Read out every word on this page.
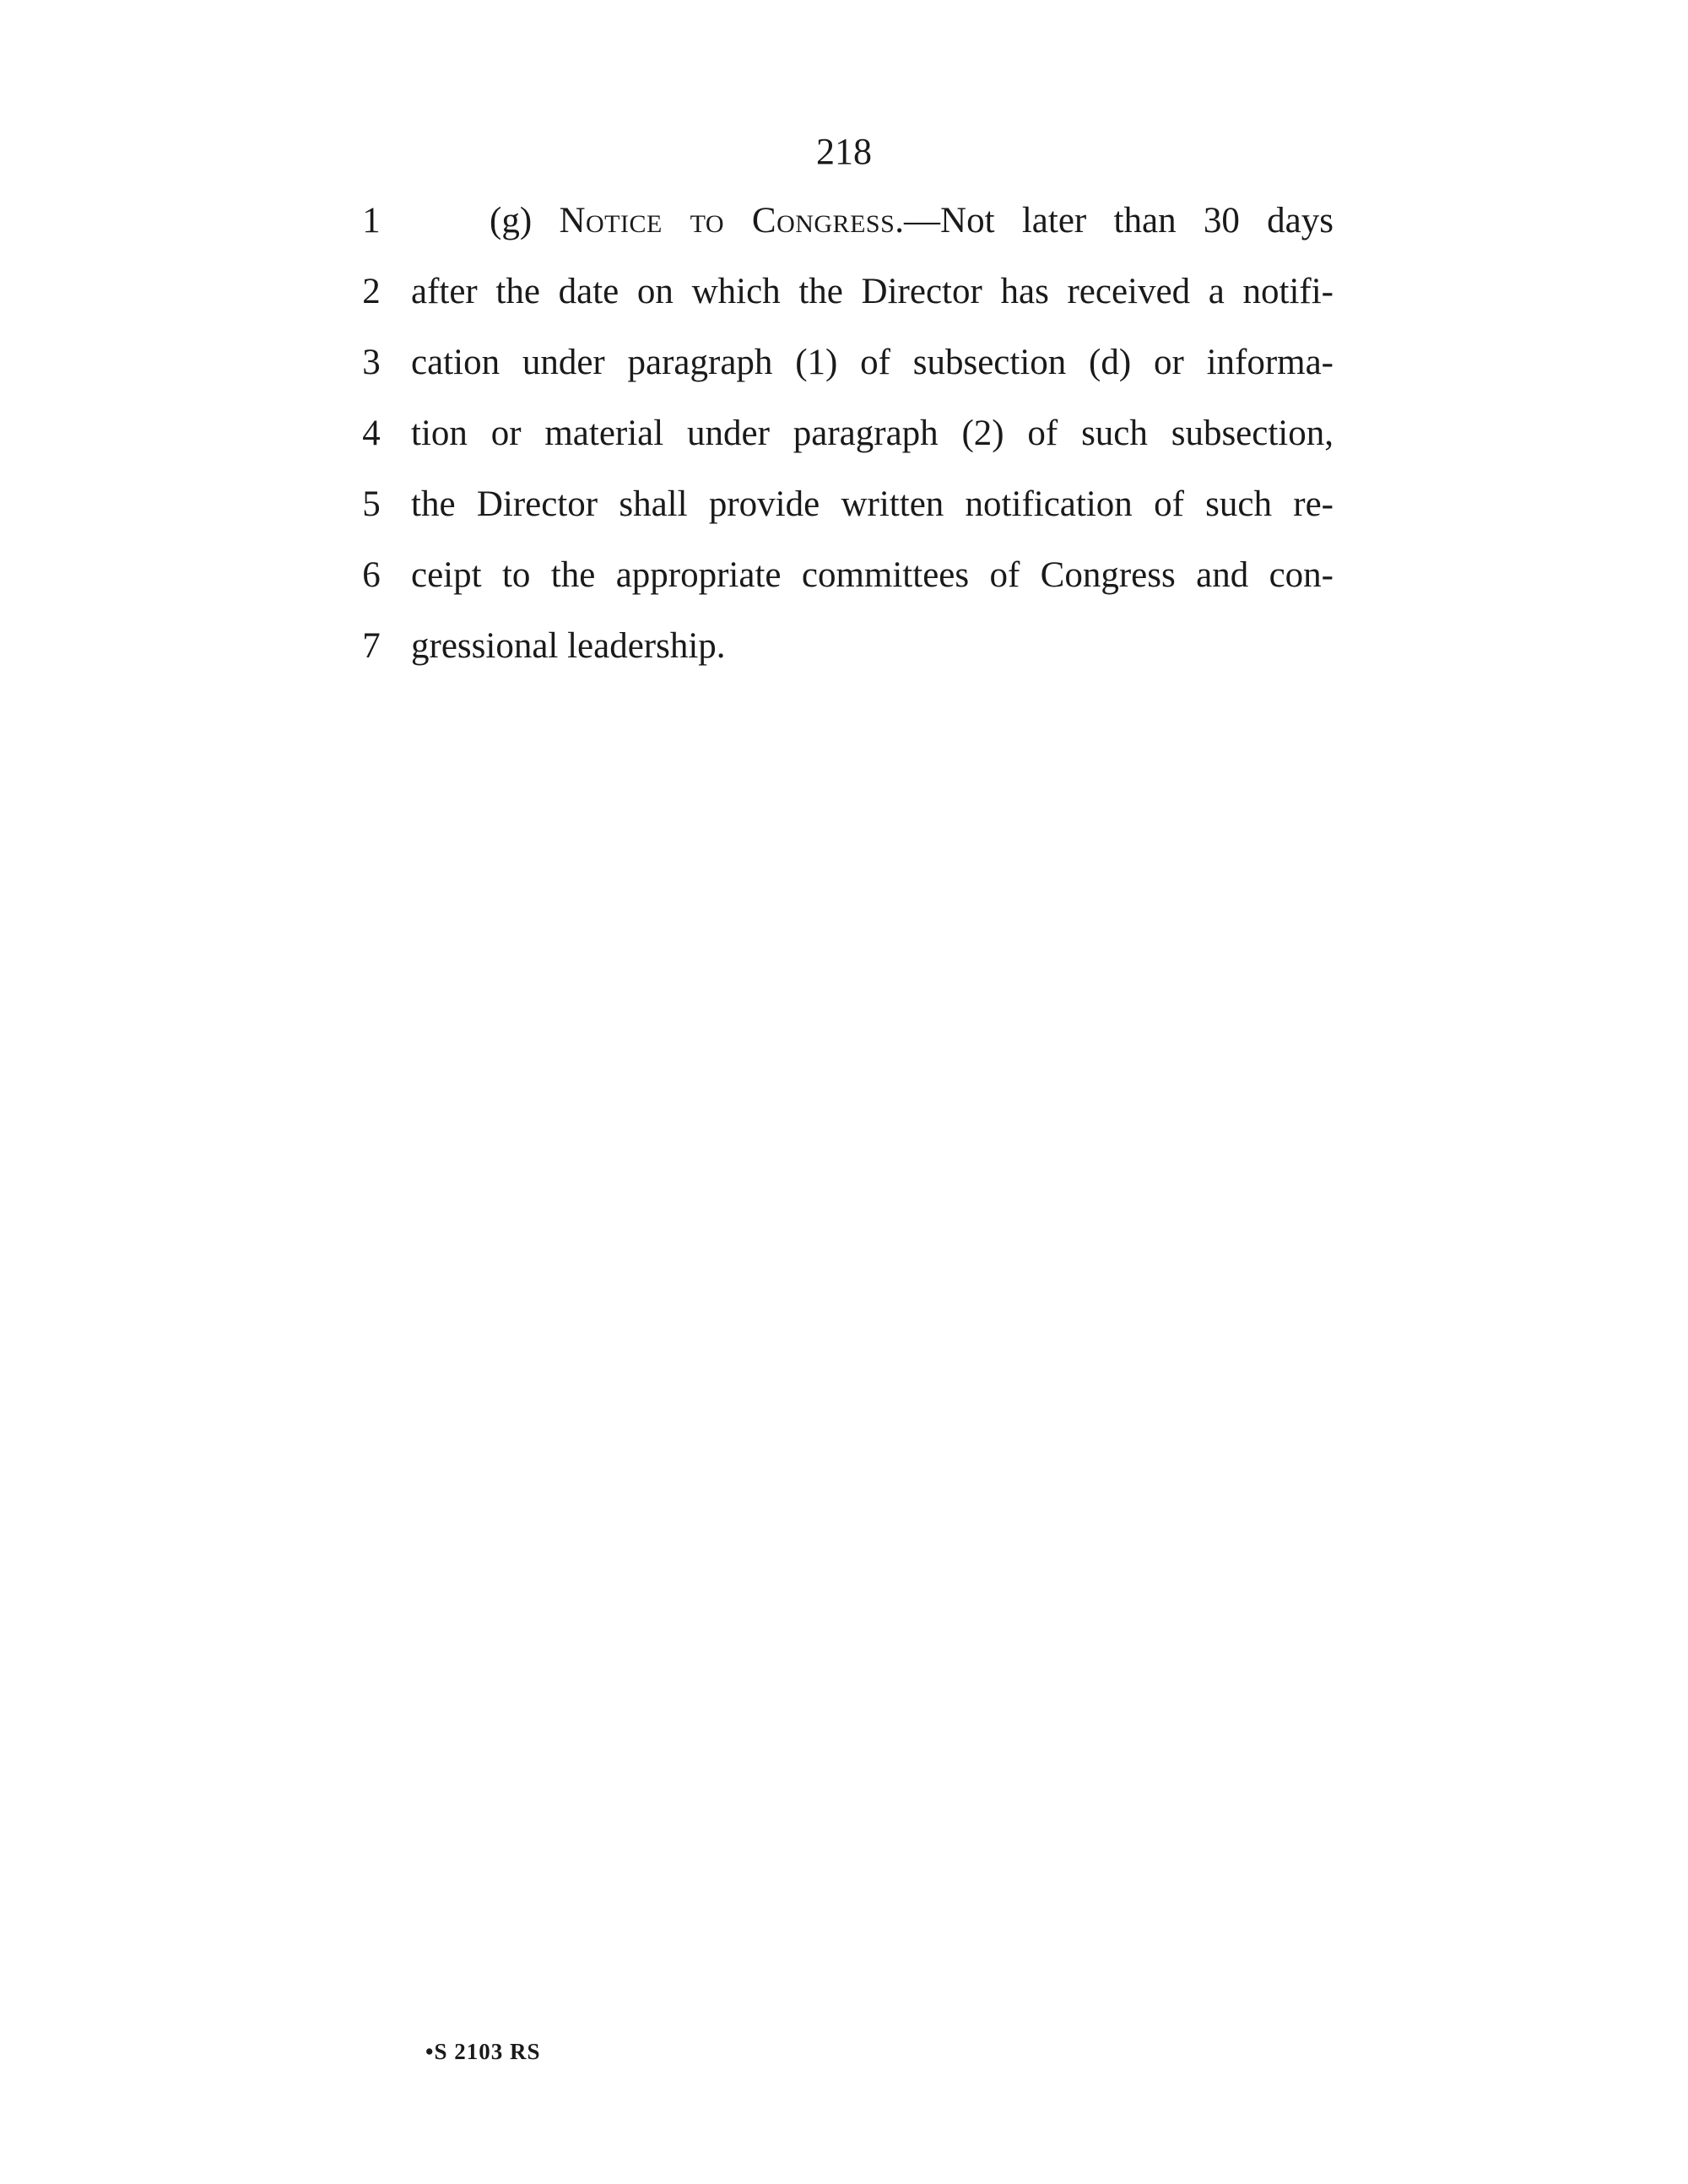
218
1	(g) Notice to Congress.—Not later than 30 days
2 after the date on which the Director has received a notifi-
3 cation under paragraph (1) of subsection (d) or informa-
4 tion or material under paragraph (2) of such subsection,
5 the Director shall provide written notification of such re-
6 ceipt to the appropriate committees of Congress and con-
7 gressional leadership.
•S 2103 RS
